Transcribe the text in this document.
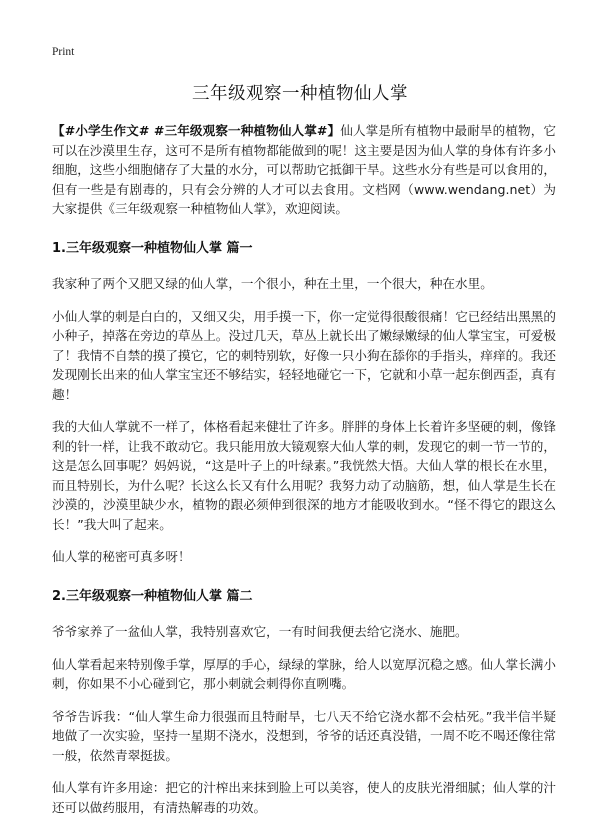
Print
三年级观察一种植物仙人掌

【#小学生作文# #三年级观察一种植物仙人掌#】仙人掌是所有植物中最耐旱的植物，它可以在沙漠里生存，这可不是所有植物都能做到的呢！这主要是因为仙人掌的身体有许多小细胞，这些小细胞储存了大量的水分，可以帮助它抵御干旱。这些水分有些是可以食用的，但有一些是有剧毒的，只有会分辨的人才可以去食用。文档网（www.wendang.net）为大家提供《三年级观察一种植物仙人掌》，欢迎阅读。

1.三年级观察一种植物仙人掌 篇一

我家种了两个又肥又绿的仙人掌，一个很小，种在土里，一个很大，种在水里。

小仙人掌的刺是白白的，又细又尖，用手摸一下，你一定觉得很酸很痛！它已经结出黑黑的小种子，掉落在旁边的草丛上。没过几天，草丛上就长出了嫩绿嫩绿的仙人掌宝宝，可爱极了！我情不自禁的摸了摸它，它的刺特别软，好像一只小狗在舔你的手指头，痒痒的。我还发现刚长出来的仙人掌宝宝还不够结实，轻轻地碰它一下，它就和小草一起东倒西歪，真有趣！

我的大仙人掌就不一样了，体格看起来健壮了许多。胖胖的身体上长着许多坚硬的刺，像锋利的针一样，让我不敢动它。我只能用放大镜观察大仙人掌的刺，发现它的刺一节一节的，这是怎么回事呢？妈妈说，“这是叶子上的叶绿素。”我恍然大悟。大仙人掌的根长在水里，而且特别长，为什么呢？长这么长又有什么用呢？我努力动了动脑筋，想，仙人掌是生长在沙漠的，沙漠里缺少水，植物的跟必须伸到很深的地方才能吸收到水。“怪不得它的跟这么长！”我大叫了起来。

仙人掌的秘密可真多呀！

2.三年级观察一种植物仙人掌 篇二

爷爷家养了一盆仙人掌，我特别喜欢它，一有时间我便去给它浇水、施肥。

仙人掌看起来特别像手掌，厚厚的手心，绿绿的掌脉，给人以宽厚沉稳之感。仙人掌长满小刺，你如果不小心碰到它，那小刺就会刺得你直咧嘴。

爷爷告诉我：“仙人掌生命力很强而且特耐旱，七八天不给它浇水都不会枯死。”我半信半疑地做了一次实验，坚持一星期不浇水，没想到，爷爷的话还真没错，一周不吃不喝还像往常一般，依然青翠挺拔。

仙人掌有许多用途：把它的汁榨出来抹到脸上可以美容，使人的皮肤光滑细腻；仙人掌的汁还可以做药服用，有清热解毒的功效。
